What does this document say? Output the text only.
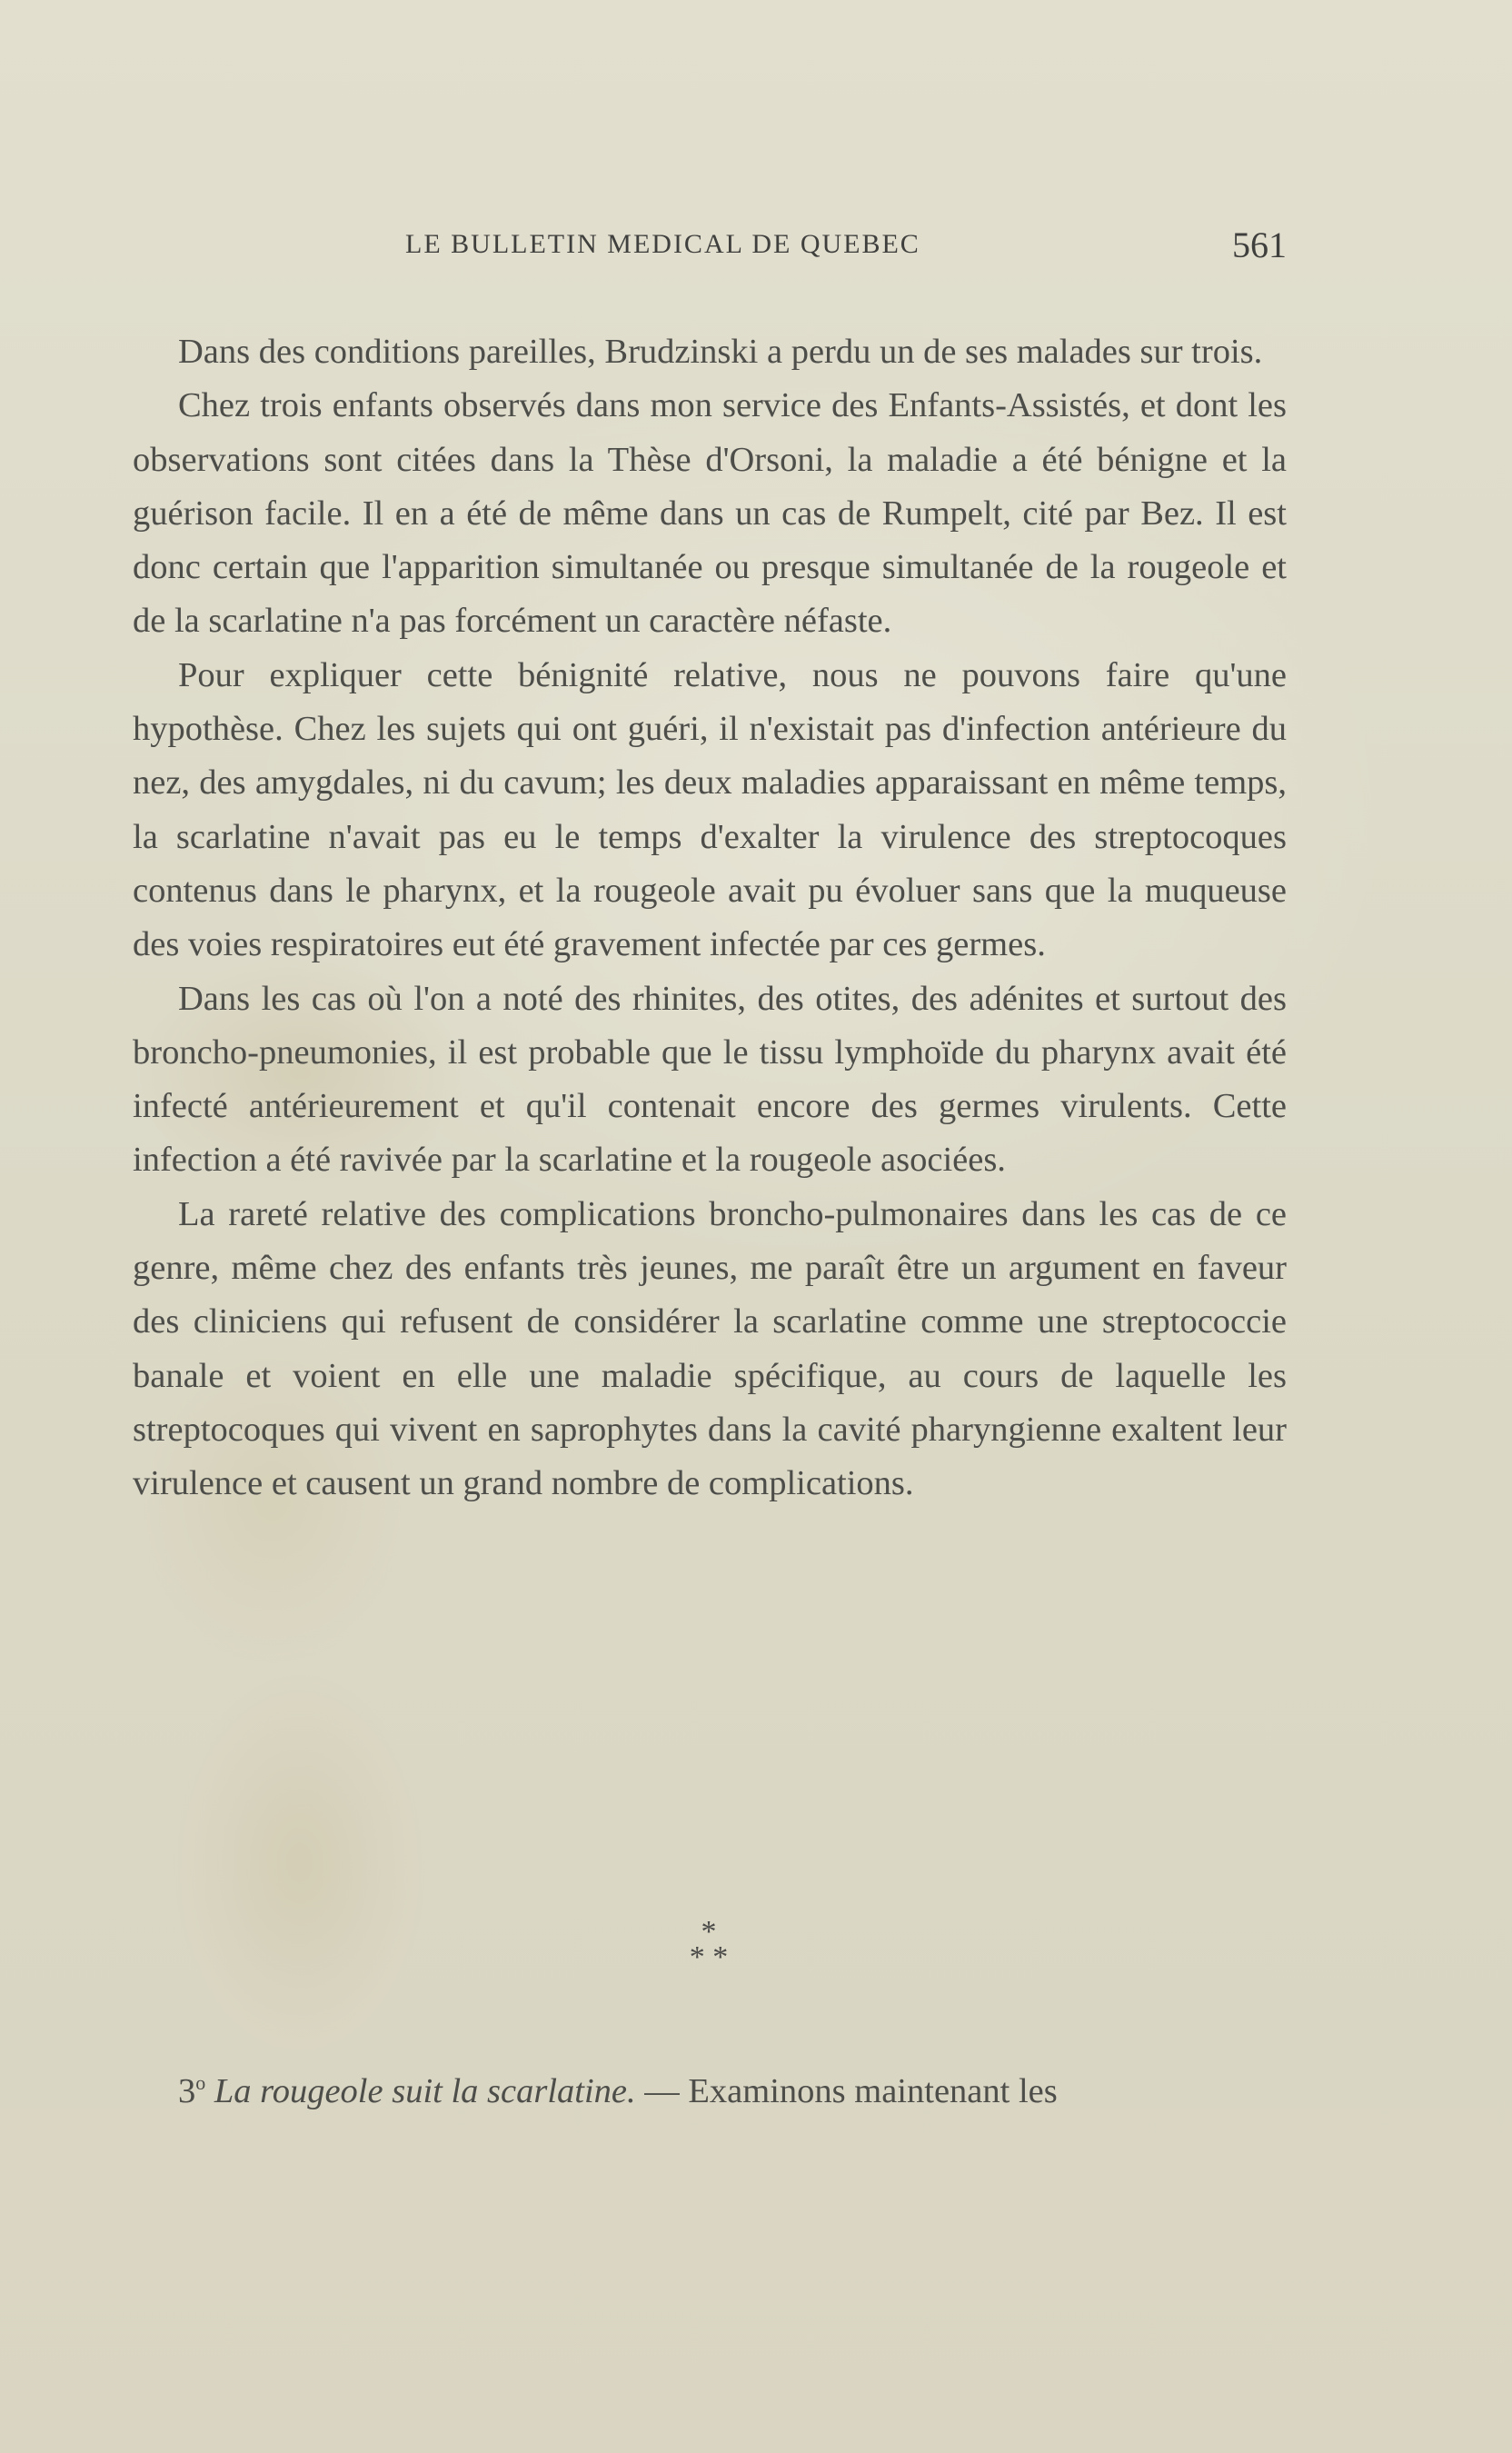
LE BULLETIN MEDICAL DE QUEBEC	561

Dans des conditions pareilles, Brudzinski a perdu un de ses malades sur trois.

Chez trois enfants observés dans mon service des Enfants-Assistés, et dont les observations sont citées dans la Thèse d'Orsoni, la maladie a été bénigne et la guérison facile. Il en a été de même dans un cas de Rumpelt, cité par Bez. Il est donc certain que l'apparition simultanée ou presque simultanée de la rougeole et de la scarlatine n'a pas forcément un caractère néfaste.

Pour expliquer cette bénignité relative, nous ne pouvons faire qu'une hypothèse. Chez les sujets qui ont guéri, il n'existait pas d'infection antérieure du nez, des amygdales, ni du cavum; les deux maladies apparaissant en même temps, la scarlatine n'avait pas eu le temps d'exalter la virulence des streptocoques contenus dans le pharynx, et la rougeole avait pu évoluer sans que la muqueuse des voies respiratoires eut été gravement infectée par ces germes.

Dans les cas où l'on a noté des rhinites, des otites, des adénites et surtout des broncho-pneumonies, il est probable que le tissu lymphoïde du pharynx avait été infecté antérieurement et qu'il contenait encore des germes virulents. Cette infection a été ravivée par la scarlatine et la rougeole asociées.

La rareté relative des complications broncho-pulmonaires dans les cas de ce genre, même chez des enfants très jeunes, me paraît être un argument en faveur des cliniciens qui refusent de considérer la scarlatine comme une streptococcie banale et voient en elle une maladie spécifique, au cours de laquelle les streptocoques qui vivent en saprophytes dans la cavité pharyngienne exaltent leur virulence et causent un grand nombre de complications.

*
* *
3$^o$ La rougeole suit la scarlatine. — Examinons maintenant les
